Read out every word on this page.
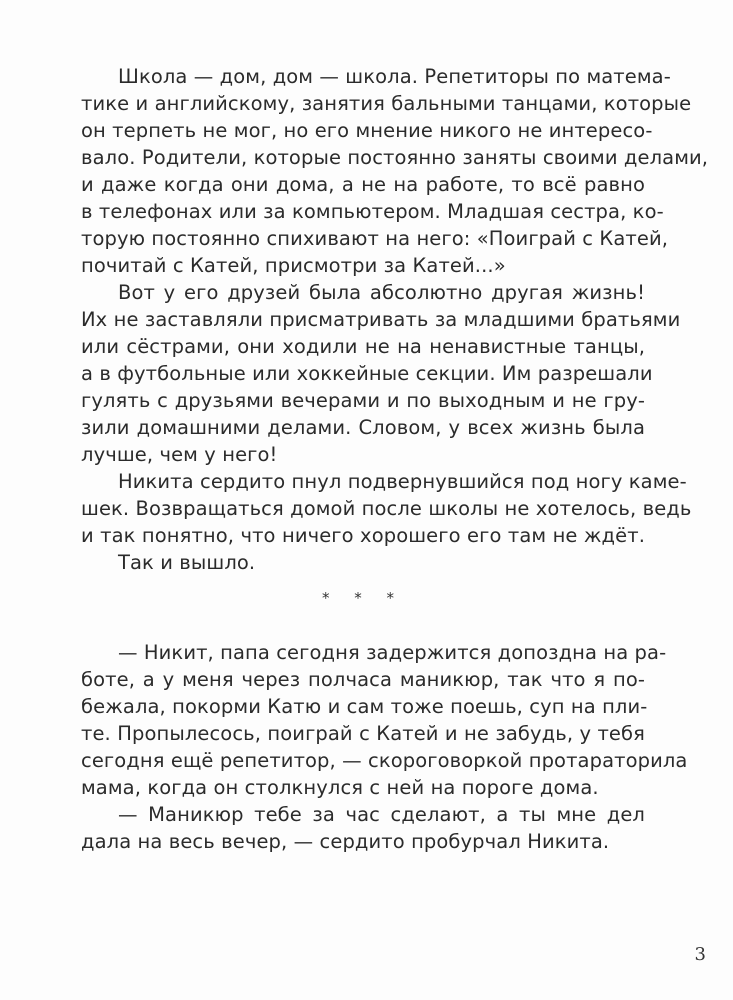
Школа — дом, дом — школа. Репетиторы по матема-
тике и английскому, занятия бальными танцами, которые
он терпеть не мог, но его мнение никого не интересо-
вало. Родители, которые постоянно заняты своими делами,
и даже когда они дома, а не на работе, то всё равно
в телефонах или за компьютером. Младшая сестра, ко-
торую постоянно спихивают на него: «Поиграй с Катей,
почитай с Катей, присмотри за Катей...»
Вот у его друзей была абсолютно другая жизнь!
Их не заставляли присматривать за младшими братьями
или сёстрами, они ходили не на ненавистные танцы,
а в футбольные или хоккейные секции. Им разрешали
гулять с друзьями вечерами и по выходным и не гру-
зили домашними делами. Словом, у всех жизнь была
лучше, чем у него!
Никита сердито пнул подвернувшийся под ногу каме-
шек. Возвращаться домой после школы не хотелось, ведь
и так понятно, что ничего хорошего его там не ждёт.
Так и вышло.
* * *
— Никит, папа сегодня задержится допоздна на ра-
боте, а у меня через полчаса маникюр, так что я по-
бежала, покорми Катю и сам тоже поешь, суп на пли-
те. Пропылесось, поиграй с Катей и не забудь, у тебя
сегодня ещё репетитор, — скороговоркой протараторила
мама, когда он столкнулся с ней на пороге дома.
— Маникюр тебе за час сделают, а ты мне дел
дала на весь вечер, — сердито пробурчал Никита.
3
